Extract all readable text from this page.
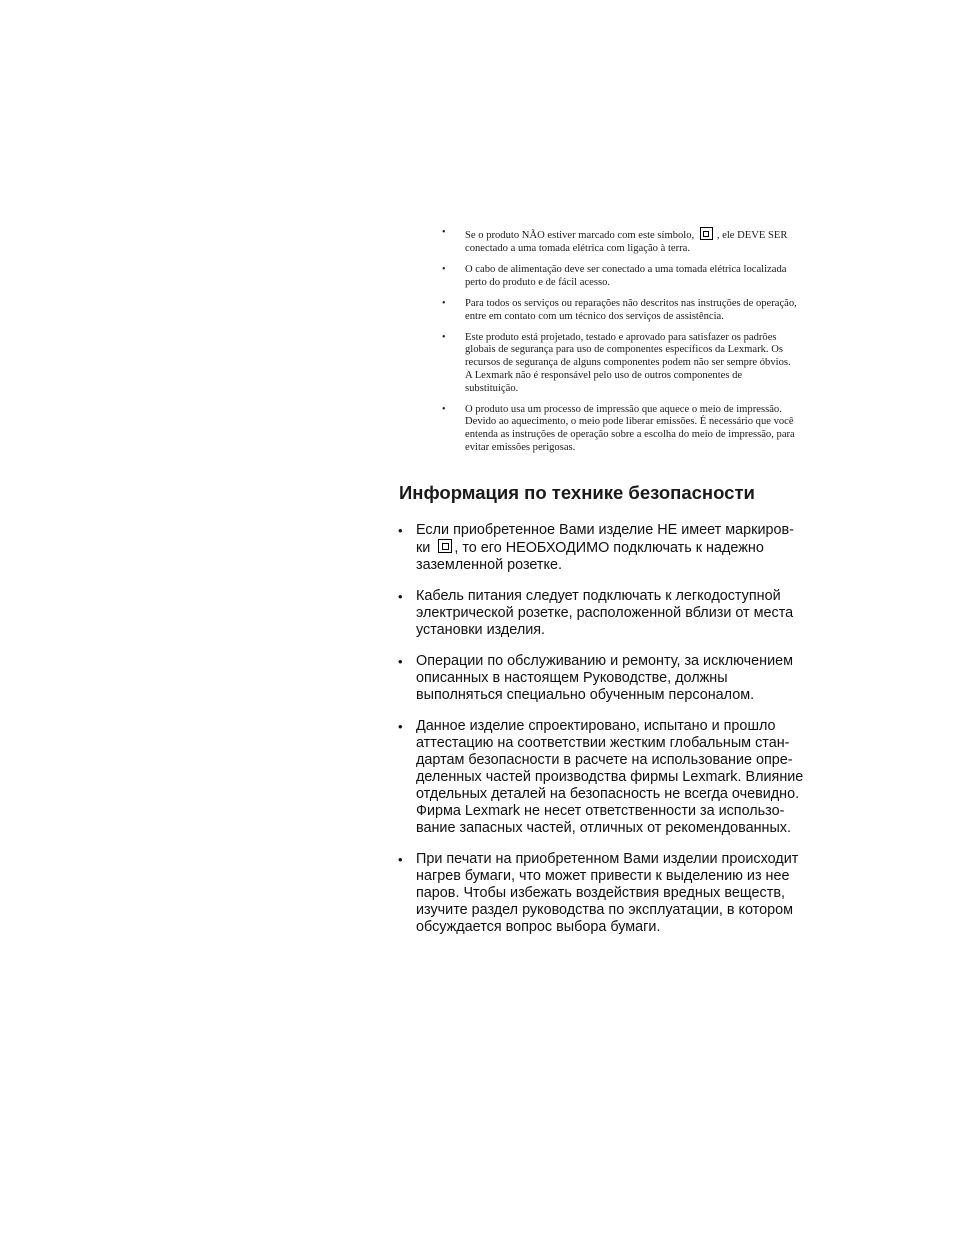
• Se o produto NÃO estiver marcado com este símbolo, , ele DEVE SER
conectado a uma tomada elétrica com ligação à terra.
• O cabo de alimentação deve ser conectado a uma tomada elétrica localizada
perto do produto e de fácil acesso.
• Para todos os serviços ou reparações não descritos nas instruções de operação,
entre em contato com um técnico dos serviços de assistência.
• Este produto está projetado, testado e aprovado para satisfazer os padrões
globais de segurança para uso de componentes específicos da Lexmark. Os
recursos de segurança de alguns componentes podem não ser sempre óbvios.
A Lexmark não é responsável pelo uso de outros componentes de
substituição.
• O produto usa um processo de impressão que aquece o meio de impressão.
Devido ao aquecimento, o meio pode liberar emissões. É necessário que você
entenda as instruções de operação sobre a escolha do meio de impressão, para
evitar emissões perigosas.
Информация по технике безопасности
• Если приобретенное Вами изделие НЕ имеет маркиров-
ки , то его НЕОБХОДИМО подключать к надежно
заземленной розетке.
• Кабель питания следует подключать к легкодоступной
электрической розетке, расположенной вблизи от места
установки изделия.
• Операции по обслуживанию и ремонту, за исключением
описанных в настоящем Руководстве, должны
выполняться специально обученным персоналом.
• Данное изделие спроектировано, испытано и прошло
аттестацию на соответствии жестким глобальным стан-
дартам безопасности в расчете на использование опре-
деленных частей производства фирмы Lexmark. Влияние
отдельных деталей на безопасность не всегда очевидно.
Фирма Lexmark не несет ответственности за использо-
вание запасных частей, отличных от рекомендованных.
• При печати на приобретенном Вами изделии происходит
нагрев бумаги, что может привести к выделению из нее
паров. Чтобы избежать воздействия вредных веществ,
изучите раздел руководства по эксплуатации, в котором
обсуждается вопрос выбора бумаги.
